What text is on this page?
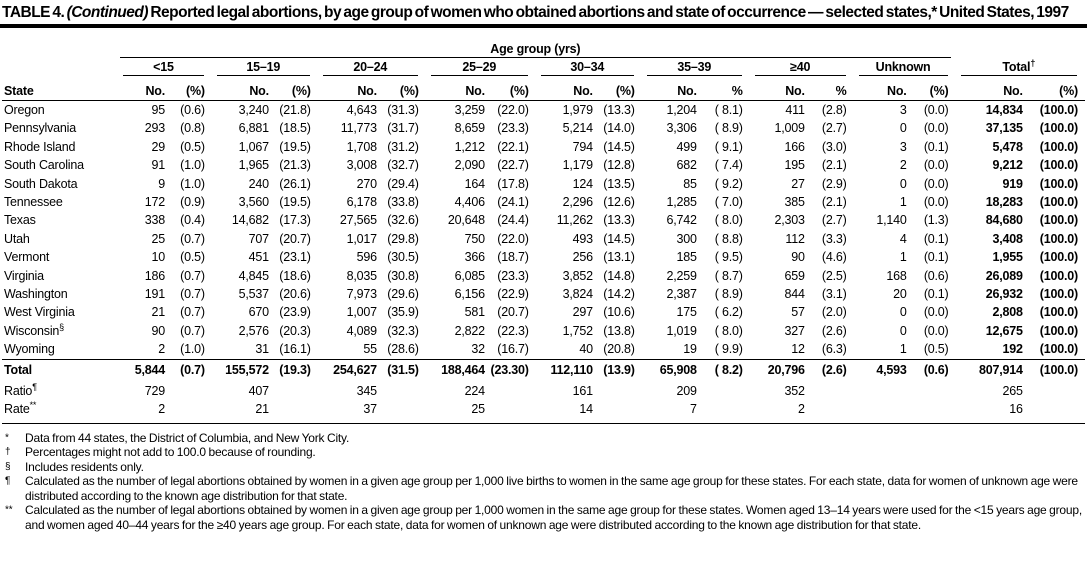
TABLE 4. (Continued) Reported legal abortions, by age group of women who obtained abortions and state of occurrence — selected states,* United States, 1997

	Age group (yrs)																	

	<15		15–19		20–24		25–29		30–34		35–39		≥40		Unknown		Total†

State	No.	(%)	No.	(%)	No.	(%)	No.	(%)	No.	(%)	No.	%	No.	%	No.	(%)	No.	(%)
Oregon	95	(0.6)	3,240	(21.8)	4,643	(31.3)	3,259	(22.0)	1,979	(13.3)	1,204	( 8.1)	411	(2.8)	3	(0.0)	14,834	(100.0)
Pennsylvania	293	(0.8)	6,881	(18.5)	11,773	(31.7)	8,659	(23.3)	5,214	(14.0)	3,306	( 8.9)	1,009	(2.7)	0	(0.0)	37,135	(100.0)
Rhode Island	29	(0.5)	1,067	(19.5)	1,708	(31.2)	1,212	(22.1)	794	(14.5)	499	( 9.1)	166	(3.0)	3	(0.1)	5,478	(100.0)
South Carolina	91	(1.0)	1,965	(21.3)	3,008	(32.7)	2,090	(22.7)	1,179	(12.8)	682	( 7.4)	195	(2.1)	2	(0.0)	9,212	(100.0)
South Dakota	9	(1.0)	240	(26.1)	270	(29.4)	164	(17.8)	124	(13.5)	85	( 9.2)	27	(2.9)	0	(0.0)	919	(100.0)
Tennessee	172	(0.9)	3,560	(19.5)	6,178	(33.8)	4,406	(24.1)	2,296	(12.6)	1,285	( 7.0)	385	(2.1)	1	(0.0)	18,283	(100.0)
Texas	338	(0.4)	14,682	(17.3)	27,565	(32.6)	20,648	(24.4)	11,262	(13.3)	6,742	( 8.0)	2,303	(2.7)	1,140	(1.3)	84,680	(100.0)
Utah	25	(0.7)	707	(20.7)	1,017	(29.8)	750	(22.0)	493	(14.5)	300	( 8.8)	112	(3.3)	4	(0.1)	3,408	(100.0)
Vermont	10	(0.5)	451	(23.1)	596	(30.5)	366	(18.7)	256	(13.1)	185	( 9.5)	90	(4.6)	1	(0.1)	1,955	(100.0)
Virginia	186	(0.7)	4,845	(18.6)	8,035	(30.8)	6,085	(23.3)	3,852	(14.8)	2,259	( 8.7)	659	(2.5)	168	(0.6)	26,089	(100.0)
Washington	191	(0.7)	5,537	(20.6)	7,973	(29.6)	6,156	(22.9)	3,824	(14.2)	2,387	( 8.9)	844	(3.1)	20	(0.1)	26,932	(100.0)
West Virginia	21	(0.7)	670	(23.9)	1,007	(35.9)	581	(20.7)	297	(10.6)	175	( 6.2)	57	(2.0)	0	(0.0)	2,808	(100.0)
Wisconsin§	90	(0.7)	2,576	(20.3)	4,089	(32.3)	2,822	(22.3)	1,752	(13.8)	1,019	( 8.0)	327	(2.6)	0	(0.0)	12,675	(100.0)
Wyoming	2	(1.0)	31	(16.1)	55	(28.6)	32	(16.7)	40	(20.8)	19	( 9.9)	12	(6.3)	1	(0.5)	192	(100.0)
Total	5,844	(0.7)	155,572	(19.3)	254,627	(31.5)	188,464	(23.30)	112,110	(13.9)	65,908	( 8.2)	20,796	(2.6)	4,593	(0.6)	807,914	(100.0)
Ratio¶	729		407		345		224		161		209		352				265	
Rate**	2		21		37		25		14		7		2				16	
*	Data from 44 states, the District of Columbia, and New York City.
†	Percentages might not add to 100.0 because of rounding.
§	Includes residents only.
¶	Calculated as the number of legal abortions obtained by women in a given age group per 1,000 live births to women in the same age group for these states. For each state, data for women of unknown age were distributed according to the known age distribution for that state.
**	Calculated as the number of legal abortions obtained by women in a given age group per 1,000 women in the same age group for these states. Women aged 13–14 years were used for the <15 years age group, and women aged 40–44 years for the ≥40 years age group. For each state, data for women of unknown age were distributed according to the known age distribution for that state.
